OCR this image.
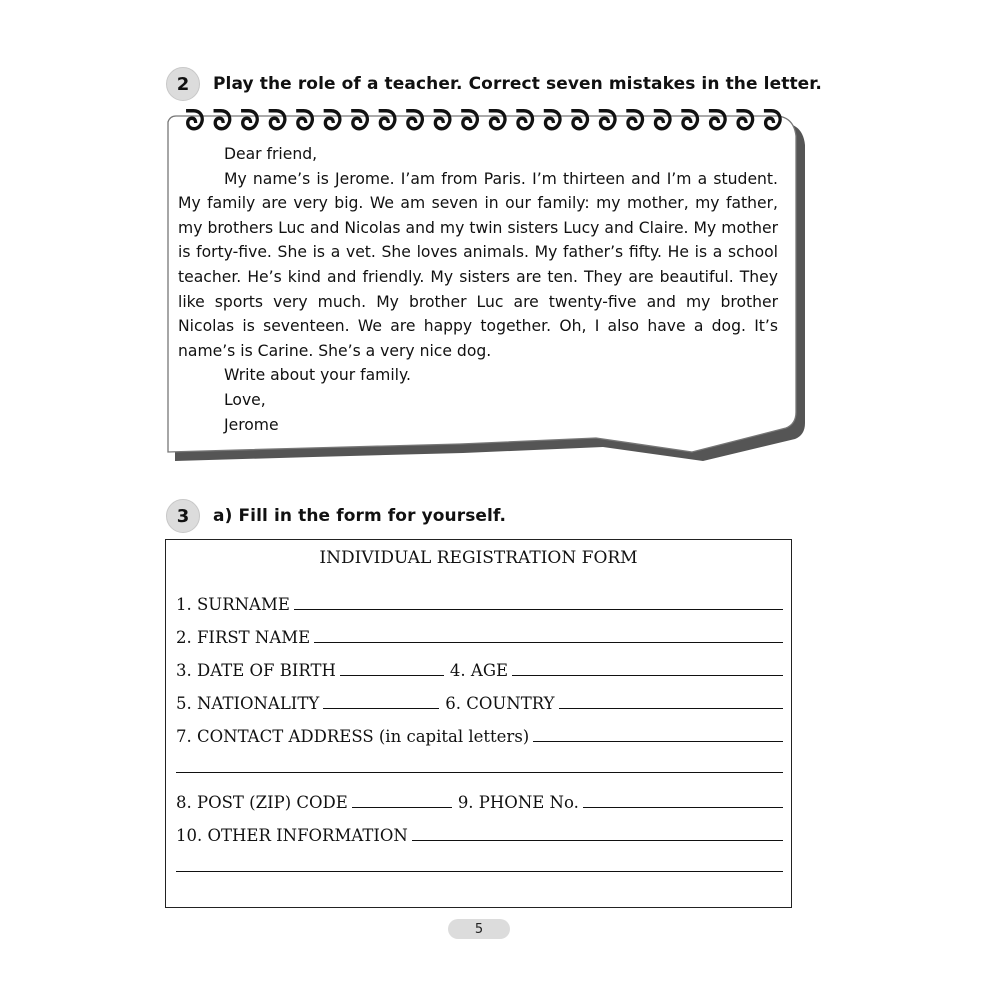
2	Play the role of a teacher. Correct seven mistakes in the letter.
ᘐ ᘐ ᘐ ᘐ ᘐ ᘐ ᘐ ᘐ ᘐ ᘐ ᘐ ᘐ ᘐ ᘐ ᘐ ᘐ ᘐ ᘐ ᘐ ᘐ ᘐ ᘐ

Dear friend,

My name’s is Jerome. I’am from Paris. I’m thirteen and I’m a student. My family are very big. We am seven in our family: my mother, my father, my brothers Luc and Nicolas and my twin sisters Lucy and Claire. My mother is forty-five. She is a vet. She loves animals. My father’s fifty. He is a school teacher. He’s kind and friendly. My sisters are ten. They are beautiful. They like sports very much. My brother Luc are twenty-five and my brother Nicolas is seventeen. We are happy together. Oh, I also have a dog. It’s name’s is Carine. She’s a very nice dog.

Write about your family.

Love,

Jerome

3	a) Fill in the form for yourself.
INDIVIDUAL REGISTRATION FORM
1. SURNAME
2. FIRST NAME
3. DATE OF BIRTH	4. AGE
5. NATIONALITY	6. COUNTRY
7. CONTACT ADDRESS (in capital letters)
8. POST (ZIP) CODE	9. PHONE No.
10. OTHER INFORMATION
5
